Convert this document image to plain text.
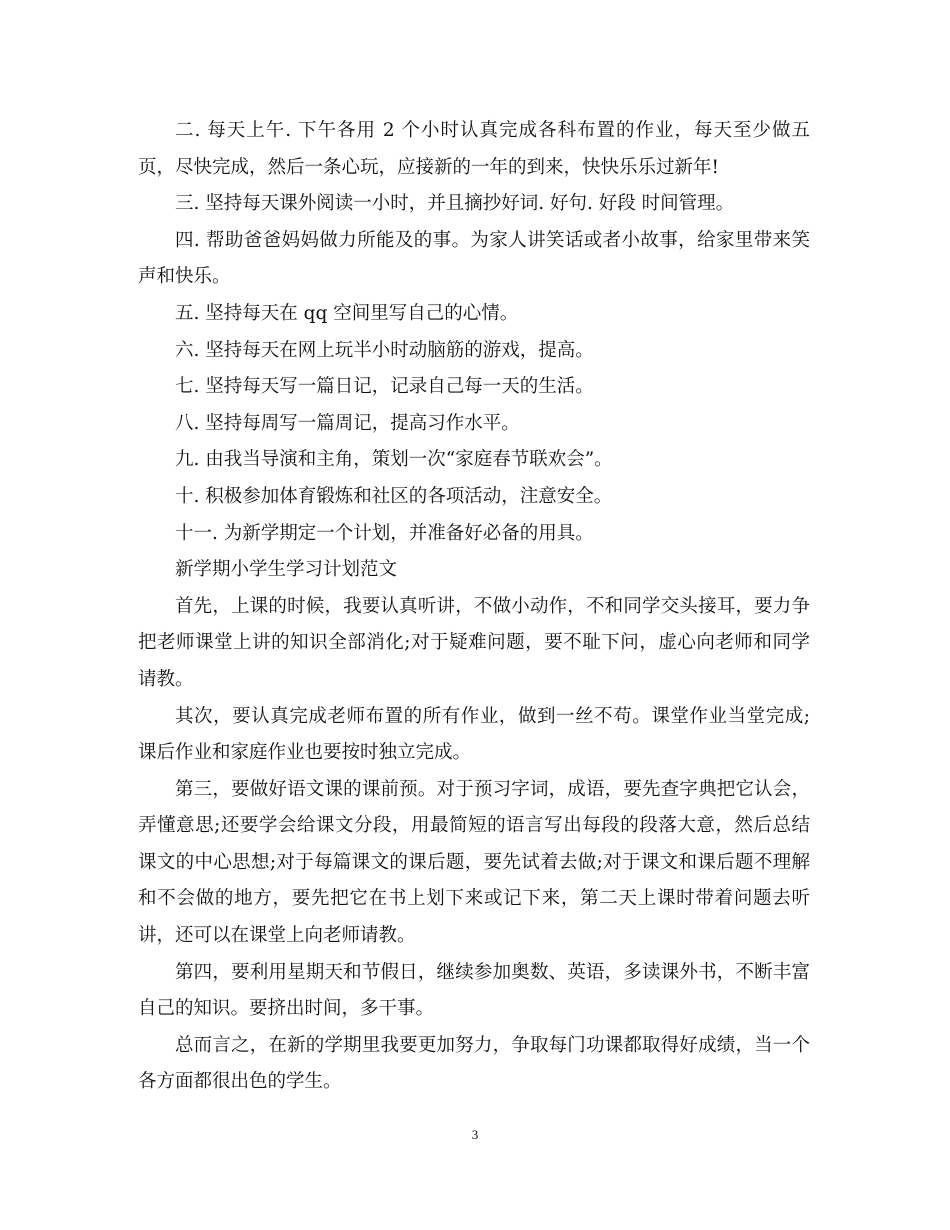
二. 每天上午. 下午各用 2 个小时认真完成各科布置的作业，每天至少做五页，尽快完成，然后一条心玩，应接新的一年的到来，快快乐乐过新年!

三. 坚持每天课外阅读一小时，并且摘抄好词. 好句. 好段 时间管理。

四. 帮助爸爸妈妈做力所能及的事。为家人讲笑话或者小故事，给家里带来笑声和快乐。

五. 坚持每天在 qq 空间里写自己的心情。

六. 坚持每天在网上玩半小时动脑筋的游戏，提高。

七. 坚持每天写一篇日记，记录自己每一天的生活。

八. 坚持每周写一篇周记，提高习作水平。

九. 由我当导演和主角，策划一次“家庭春节联欢会”。

十. 积极参加体育锻炼和社区的各项活动，注意安全。

十一. 为新学期定一个计划，并准备好必备的用具。

新学期小学生学习计划范文

首先，上课的时候，我要认真听讲，不做小动作，不和同学交头接耳，要力争把老师课堂上讲的知识全部消化;对于疑难问题，要不耻下问，虚心向老师和同学请教。

其次，要认真完成老师布置的所有作业，做到一丝不苟。课堂作业当堂完成;课后作业和家庭作业也要按时独立完成。

第三，要做好语文课的课前预。对于预习字词，成语，要先查字典把它认会，弄懂意思;还要学会给课文分段，用最简短的语言写出每段的段落大意，然后总结课文的中心思想;对于每篇课文的课后题，要先试着去做;对于课文和课后题不理解和不会做的地方，要先把它在书上划下来或记下来，第二天上课时带着问题去听讲，还可以在课堂上向老师请教。

第四，要利用星期天和节假日，继续参加奥数、英语，多读课外书，不断丰富自己的知识。要挤出时间，多干事。

总而言之，在新的学期里我要更加努力，争取每门功课都取得好成绩，当一个各方面都很出色的学生。

3
